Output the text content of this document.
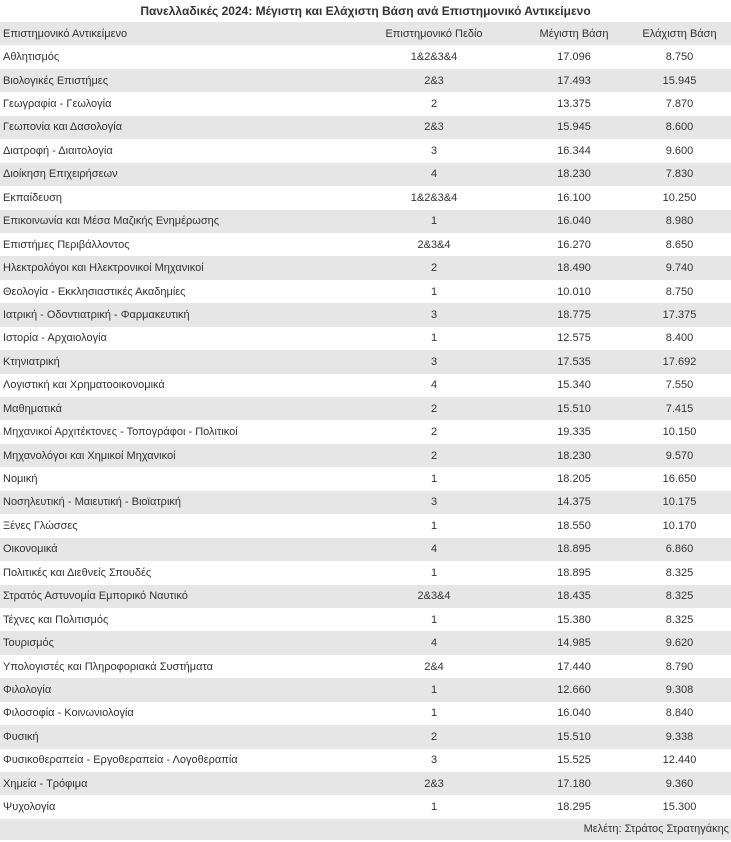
Πανελλαδικές 2024: Μέγιστη και Ελάχιστη Βάση ανά Επιστημονικό Αντικείμενο
Επιστημονικό Αντικείμενο	Επιστημονικό Πεδίο	Μέγιστη Βάση	Ελάχιστη Βάση
Αθλητισμός	1&2&3&4	17.096	8.750
Βιολογικές Επιστήμες	2&3	17.493	15.945
Γεωγραφία - Γεωλογία	2	13.375	7.870
Γεωπονία και Δασολογία	2&3	15.945	8.600
Διατροφή - Διαιτολογία	3	16.344	9.600
Διοίκηση Επιχειρήσεων	4	18.230	7.830
Εκπαίδευση	1&2&3&4	16.100	10.250
Επικοινωνία και Μέσα Μαζικής Ενημέρωσης	1	16.040	8.980
Επιστήμες Περιβάλλοντος	2&3&4	16.270	8.650
Ηλεκτρολόγοι και Ηλεκτρονικοί Μηχανικοί	2	18.490	9.740
Θεολογία - Εκκλησιαστικές Ακαδημίες	1	10.010	8.750
Ιατρική - Οδοντιατρική - Φαρμακευτική	3	18.775	17.375
Ιστορία - Αρχαιολογία	1	12.575	8.400
Κτηνιατρική	3	17.535	17.692
Λογιστική και Χρηματοοικονομικά	4	15.340	7.550
Μαθηματικά	2	15.510	7.415
Μηχανικοί Αρχιτέκτονες - Τοπογράφοι - Πολιτικοί	2	19.335	10.150
Μηχανολόγοι και Χημικοί Μηχανικοί	2	18.230	9.570
Νομική	1	18.205	16.650
Νοσηλευτική - Μαιευτική - Βιοϊατρική	3	14.375	10.175
Ξένες Γλώσσες	1	18.550	10.170
Οικονομικά	4	18.895	6.860
Πολιτικές και Διεθνείς Σπουδές	1	18.895	8.325
Στρατός Αστυνομία Εμπορικό Ναυτικό	2&3&4	18.435	8.325
Τέχνες και Πολιτισμός	1	15.380	8.325
Τουρισμός	4	14.985	9.620
Υπολογιστές και Πληροφοριακά Συστήματα	2&4	17.440	8.790
Φιλολογία	1	12.660	9.308
Φιλοσοφία - Κοινωνιολογία	1	16.040	8.840
Φυσική	2	15.510	9.338
Φυσικοθεραπεία - Εργοθεραπεία - Λογοθεραπία	3	15.525	12.440
Χημεία - Τρόφιμα	2&3	17.180	9.360
Ψυχολογία	1	18.295	15.300
Μελέτη: Στράτος Στρατηγάκης
